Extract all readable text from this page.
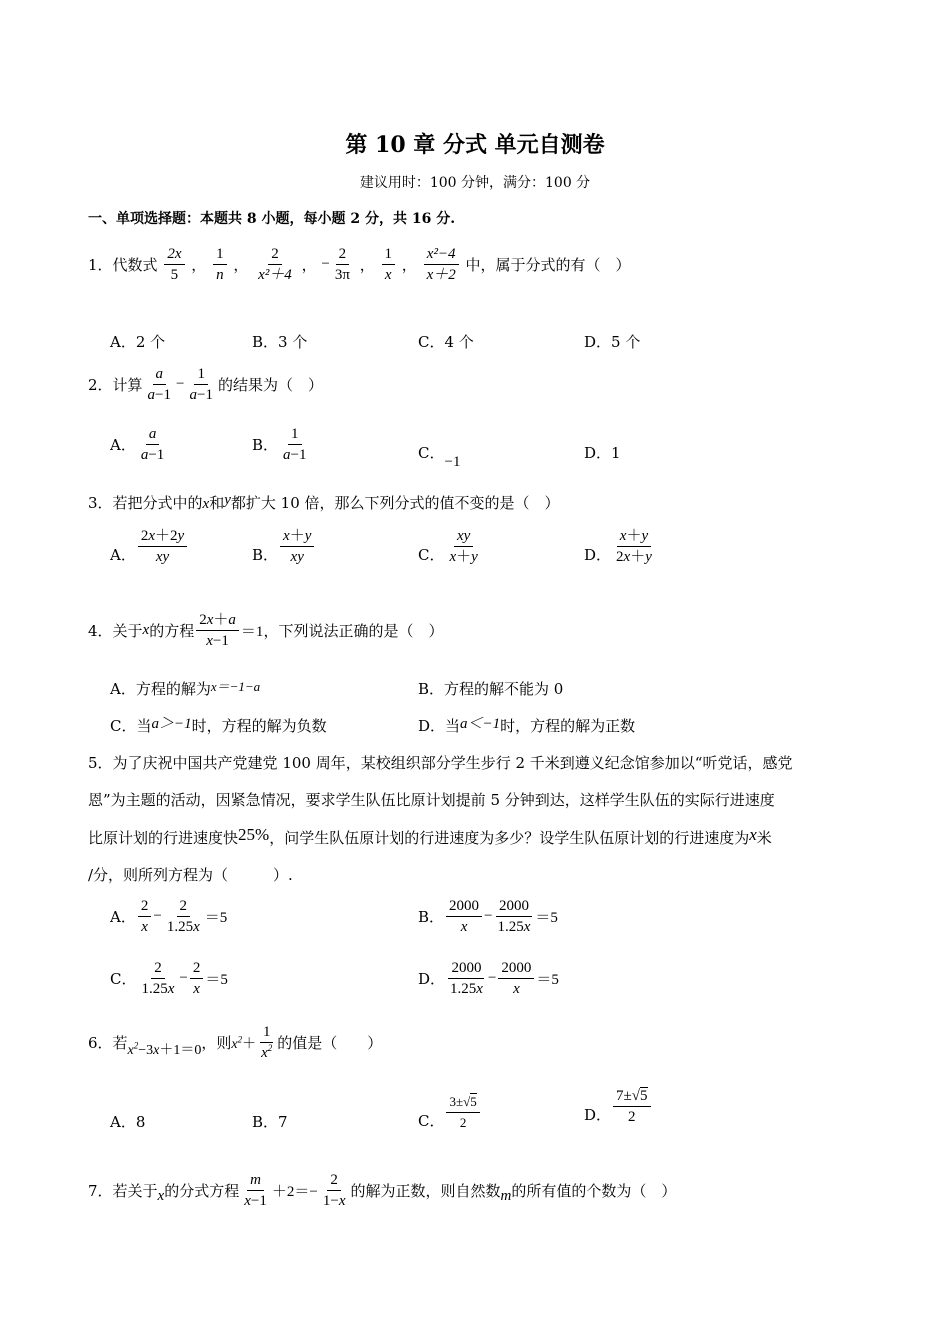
第 10 章 分式 单元自测卷
建议用时：100 分钟，满分：100 分
一、单项选择题：本题共 8 小题，每小题 2 分，共 16 分.
1．代数式 $\frac{2x}{5}$ ， $\frac{1}{n}$ ， $\frac{2}{\text{x²＋4}}$ ， − $\frac{2}{3\pi}$ ， $\frac{1}{x}$ ， $\frac{\text{x²−4}}{x+2}$ 中，属于分式的有（　）
A．2 个	B．3 个	C．4 个	D．5 个
2．计算 $\frac{a}{a-1} - \frac{1}{a-1}$ 的结果为（　）
A． $\frac{a}{a-1}$	B． $\frac{1}{a-1}$	C．−1	D．1
3．若把分式中的x和y都扩大 10 倍，那么下列分式的值不变的是（　）
A． $\frac{2x+2y}{xy}$	B． $\frac{x+y}{xy}$	C． $\frac{xy}{x+y}$	D． $\frac{x+y}{2x+y}$
4．关于x的方程 $\frac{2x+a}{x-1} =1$，下列说法正确的是（　）
A．方程的解为x＝−1−a	B．方程的解不能为 0
C．当a＞−1时，方程的解为负数	D．当a＜−1时，方程的解为正数
5．为了庆祝中国共产党建党 100 周年，某校组织部分学生步行 2 千米到遵义纪念馆参加以“听党话，感党
恩”为主题的活动，因紧急情况，要求学生队伍比原计划提前 5 分钟到达，这样学生队伍的实际行进速度
比原计划的行进速度快25%，问学生队伍原计划的行进速度为多少？设学生队伍原计划的行进速度为x米
/分，则所列方程为（　　　）.
A． $\frac{2}{x} - \frac{2}{1.25x} =5$	B． $\frac{2000}{x} - \frac{2000}{1.25x} =5$
C． $\frac{2}{1.25x} - \frac{2}{x} =5$	D． $\frac{2000}{1.25x} - \frac{2000}{x} =5$
6．若$x^2-3x+1=0$，则$x^2+ \frac{1}{x^2}$ 的值是（　　）
A．8	B．7	C． $\frac{3\pm√5}{2}$	D． $\frac{7\pm√5}{2}$
7．若关于x的分式方程 $\frac{m}{x-1} +2=- \frac{2}{1-x}$ 的解为正数，则自然数m的所有值的个数为（　）
